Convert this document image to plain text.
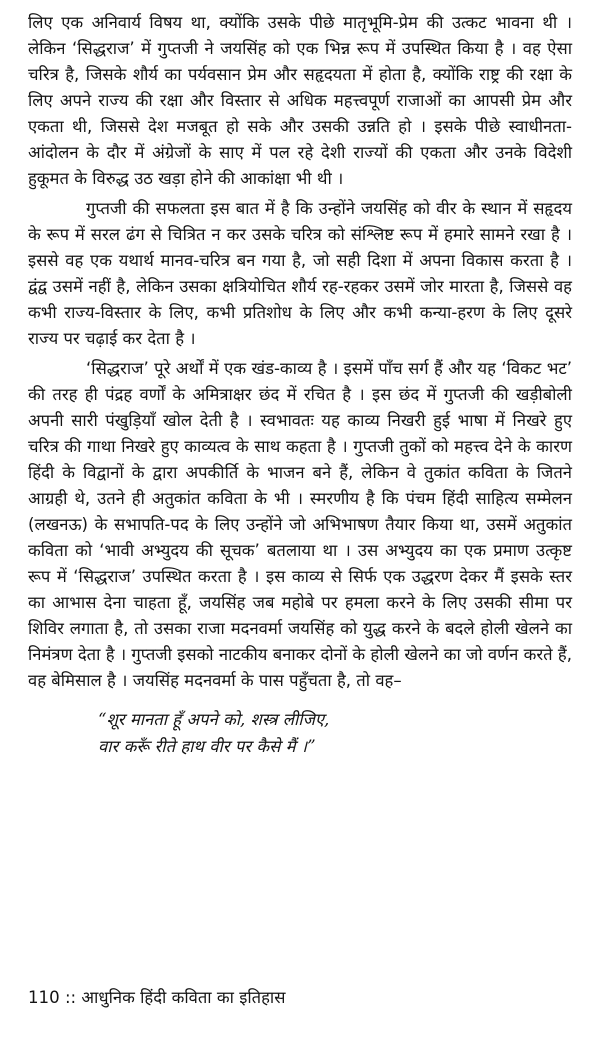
लिए एक अनिवार्य विषय था, क्योंकि उसके पीछे मातृभूमि-प्रेम की उत्कट भावना थी । लेकिन ‘सिद्धराज’ में गुप्तजी ने जयसिंह को एक भिन्न रूप में उपस्थित किया है । वह ऐसा चरित्र है, जिसके शौर्य का पर्यवसान प्रेम और सहृदयता में होता है, क्योंकि राष्ट्र की रक्षा के लिए अपने राज्य की रक्षा और विस्तार से अधिक महत्त्वपूर्ण राजाओं का आपसी प्रेम और एकता थी, जिससे देश मजबूत हो सके और उसकी उन्नति हो । इसके पीछे स्वाधीनता-आंदोलन के दौर में अंग्रेजों के साए में पल रहे देशी राज्यों की एकता और उनके विदेशी हुकूमत के विरुद्ध उठ खड़ा होने की आकांक्षा भी थी ।

गुप्तजी की सफलता इस बात में है कि उन्होंने जयसिंह को वीर के स्थान में सहृदय के रूप में सरल ढंग से चित्रित न कर उसके चरित्र को संश्लिष्ट रूप में हमारे सामने रखा है । इससे वह एक यथार्थ मानव-चरित्र बन गया है, जो सही दिशा में अपना विकास करता है । द्वंद्व उसमें नहीं है, लेकिन उसका क्षत्रियोचित शौर्य रह-रहकर उसमें जोर मारता है, जिससे वह कभी राज्य-विस्तार के लिए, कभी प्रतिशोध के लिए और कभी कन्या-हरण के लिए दूसरे राज्य पर चढ़ाई कर देता है ।

‘सिद्धराज’ पूरे अर्थों में एक खंड-काव्य है । इसमें पाँच सर्ग हैं और यह ‘विकट भट’ की तरह ही पंद्रह वर्णों के अमित्राक्षर छंद में रचित है । इस छंद में गुप्तजी की खड़ीबोली अपनी सारी पंखुड़ियाँ खोल देती है । स्वभावतः यह काव्य निखरी हुई भाषा में निखरे हुए चरित्र की गाथा निखरे हुए काव्यत्व के साथ कहता है । गुप्तजी तुकों को महत्त्व देने के कारण हिंदी के विद्वानों के द्वारा अपकीर्ति के भाजन बने हैं, लेकिन वे तुकांत कविता के जितने आग्रही थे, उतने ही अतुकांत कविता के भी । स्मरणीय है कि पंचम हिंदी साहित्य सम्मेलन (लखनऊ) के सभापति-पद के लिए उन्होंने जो अभिभाषण तैयार किया था, उसमें अतुकांत कविता को ‘भावी अभ्युदय की सूचक’ बतलाया था । उस अभ्युदय का एक प्रमाण उत्कृष्ट रूप में ‘सिद्धराज’ उपस्थित करता है । इस काव्य से सिर्फ एक उद्धरण देकर मैं इसके स्तर का आभास देना चाहता हूँ, जयसिंह जब महोबे पर हमला करने के लिए उसकी सीमा पर शिविर लगाता है, तो उसका राजा मदनवर्मा जयसिंह को युद्ध करने के बदले होली खेलने का निमंत्रण देता है । गुप्तजी इसको नाटकीय बनाकर दोनों के होली खेलने का जो वर्णन करते हैं, वह बेमिसाल है । जयसिंह मदनवर्मा के पास पहुँचता है, तो वह–

“शूर मानता हूँ अपने को, शस्त्र लीजिए,
वार करूँ रीते हाथ वीर पर कैसे मैं ।”
110 :: आधुनिक हिंदी कविता का इतिहास
